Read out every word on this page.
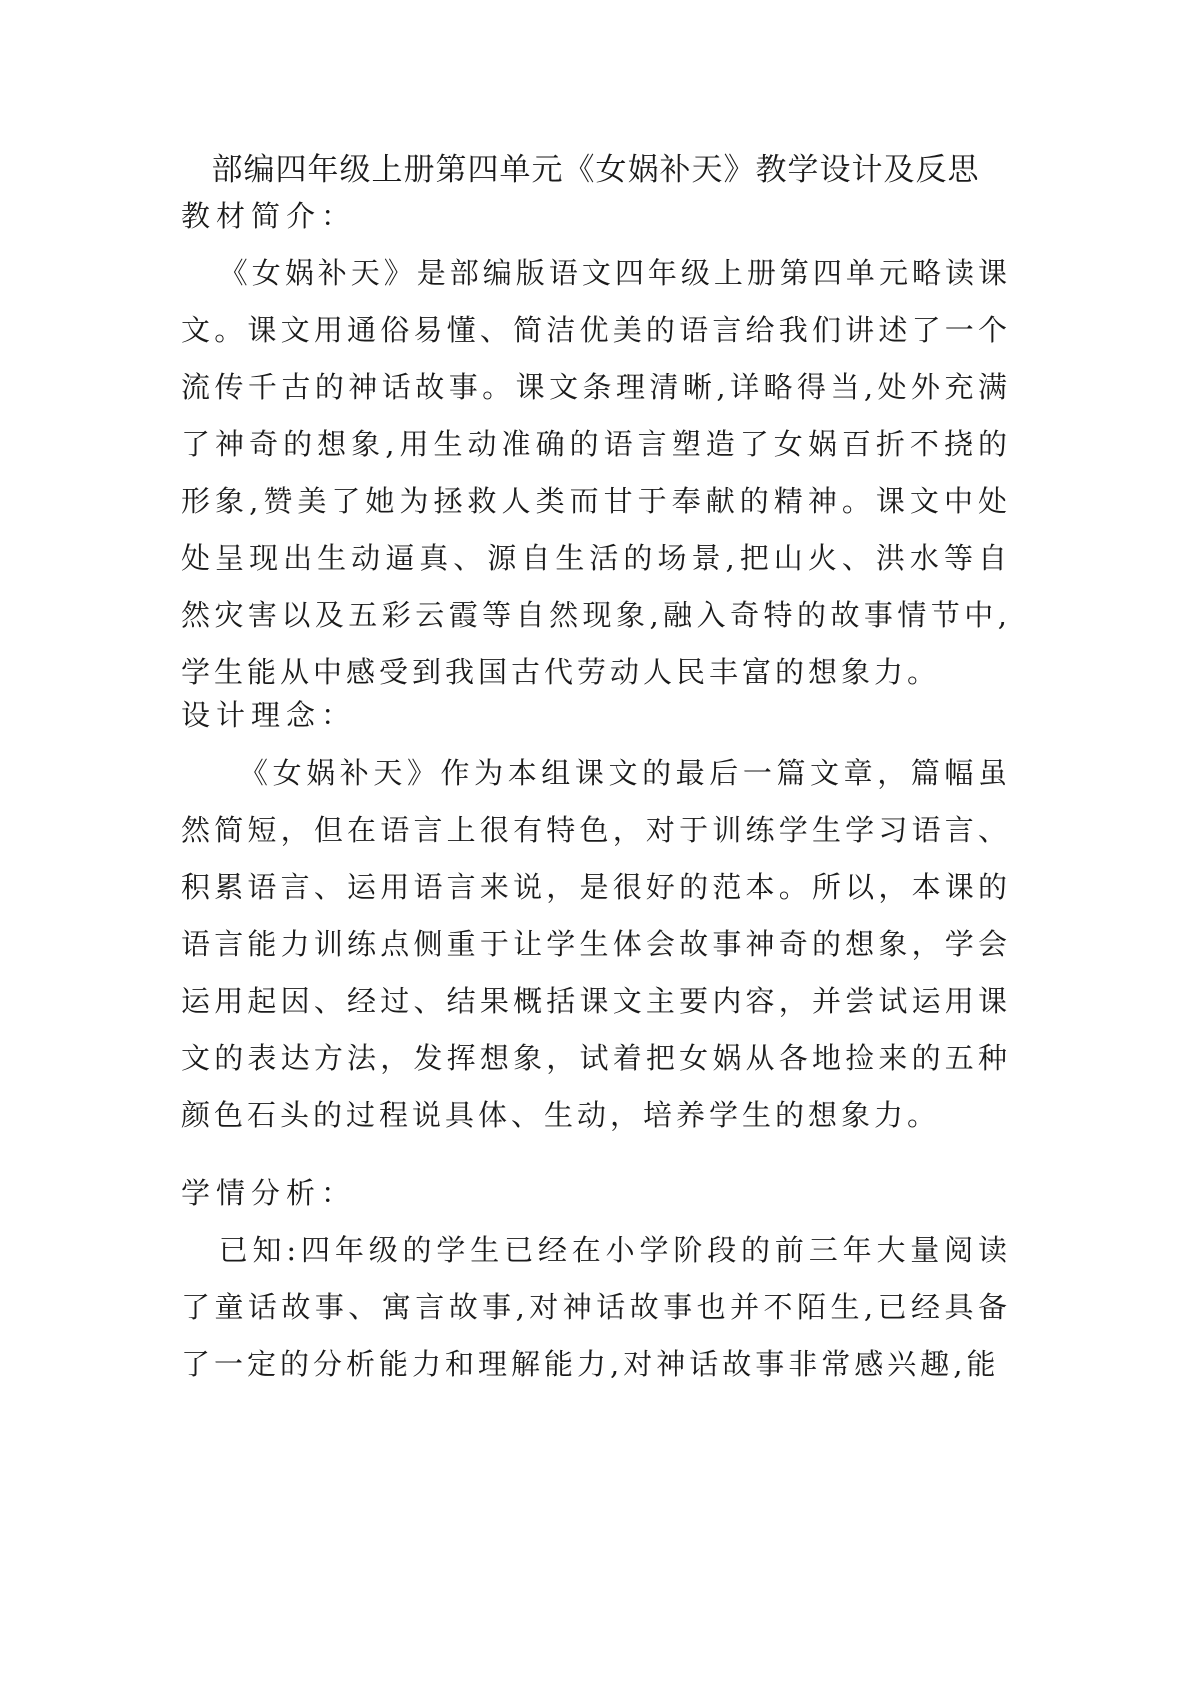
部编四年级上册第四单元《女娲补天》教学设计及反思
教材简介：
《女娲补天》是部编版语文四年级上册第四单元略读课文。课文用通俗易懂、简洁优美的语言给我们讲述了一个流传千古的神话故事。课文条理清晰,详略得当,处外充满了神奇的想象,用生动准确的语言塑造了女娲百折不挠的形象,赞美了她为拯救人类而甘于奉献的精神。课文中处处呈现出生动逼真、源自生活的场景,把山火、洪水等自然灾害以及五彩云霞等自然现象,融入奇特的故事情节中,学生能从中感受到我国古代劳动人民丰富的想象力。
设计理念：
《女娲补天》作为本组课文的最后一篇文章，篇幅虽然简短，但在语言上很有特色，对于训练学生学习语言、积累语言、运用语言来说，是很好的范本。所以，本课的语言能力训练点侧重于让学生体会故事神奇的想象，学会运用起因、经过、结果概括课文主要内容，并尝试运用课文的表达方法，发挥想象，试着把女娲从各地捡来的五种颜色石头的过程说具体、生动，培养学生的想象力。
学情分析：
已知:四年级的学生已经在小学阶段的前三年大量阅读了童话故事、寓言故事,对神话故事也并不陌生,已经具备了一定的分析能力和理解能力,对神话故事非常感兴趣,能
